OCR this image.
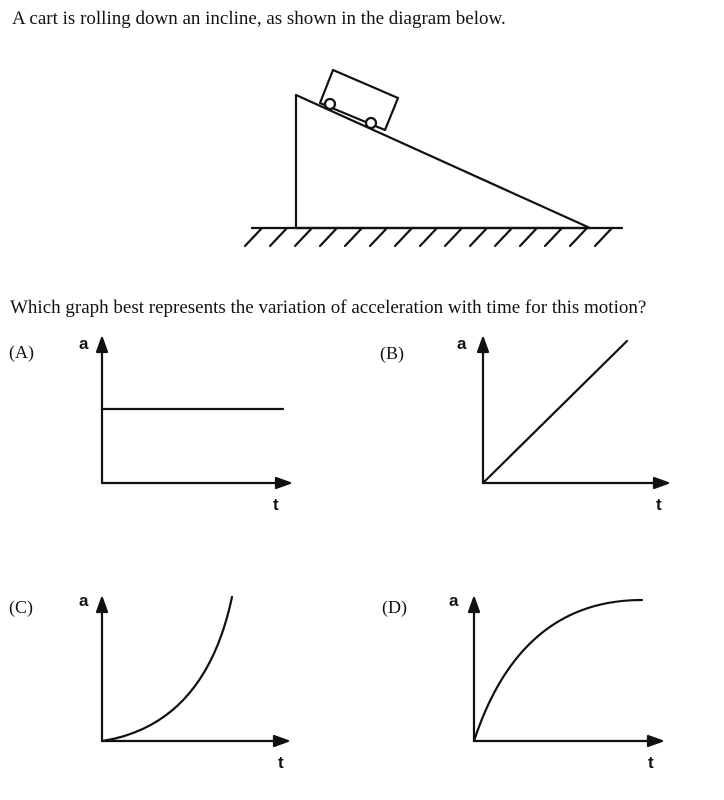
A cart is rolling down an incline, as shown in the diagram below.
Which graph best represents the variation of acceleration with time for this motion?
(A)	(B)
(C)	(D)
a
t
a
t
a
t
a
t
